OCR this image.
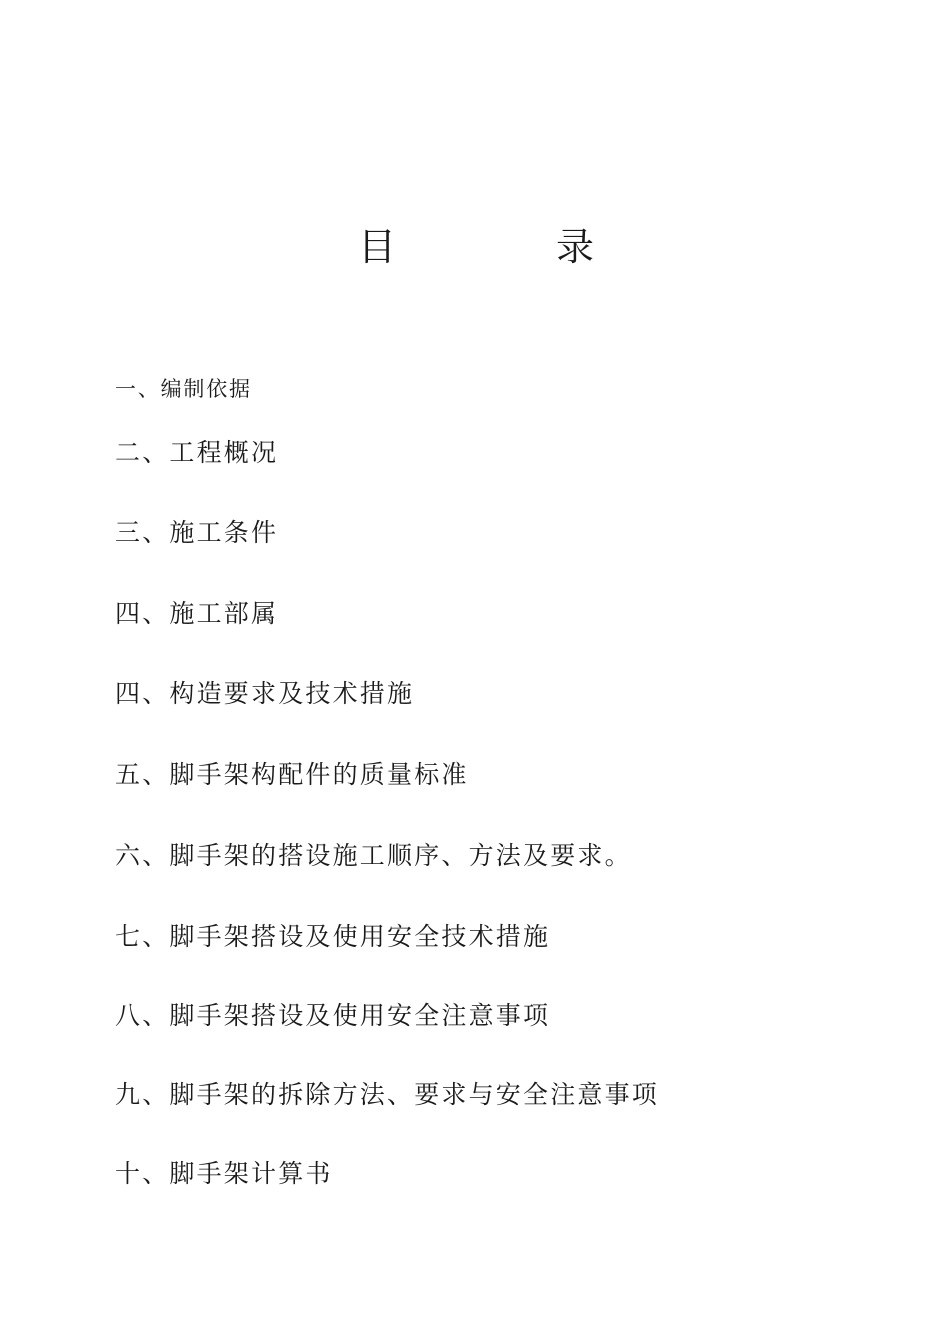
目	录
一、编制依据
二、工程概况
三、施工条件
四、施工部属
四、构造要求及技术措施
五、脚手架构配件的质量标准
六、脚手架的搭设施工顺序、方法及要求。
七、脚手架搭设及使用安全技术措施
八、脚手架搭设及使用安全注意事项
九、脚手架的拆除方法、要求与安全注意事项
十、脚手架计算书
